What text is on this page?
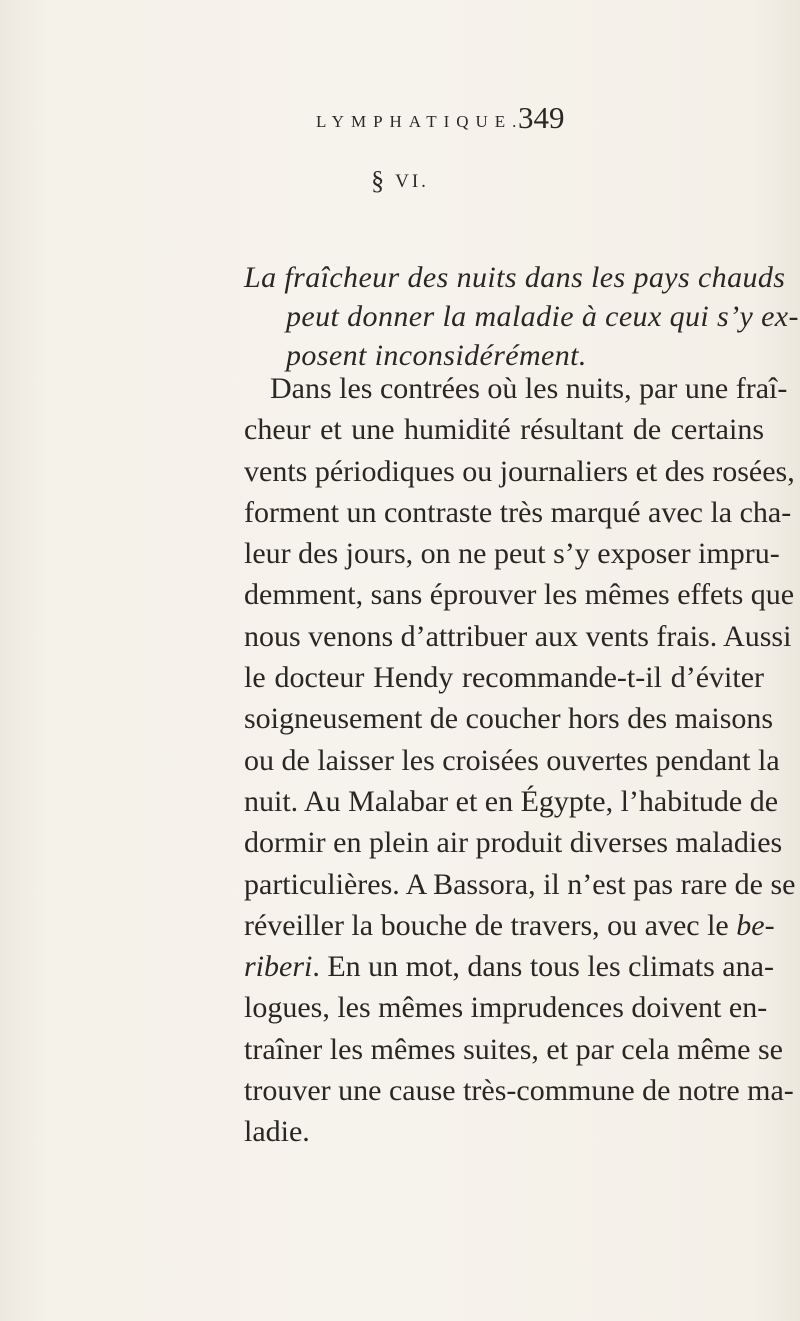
LYMPHATIQUE.
349
§ VI.
La fraîcheur des nuits dans les pays chauds
peut donner la maladie à ceux qui s’y ex-
posent inconsidérément.
Dans les contrées où les nuits, par une fraî-
cheur et une humidité résultant de certains
vents périodiques ou journaliers et des rosées,
forment un contraste très marqué avec la cha-
leur des jours, on ne peut s’y exposer impru-
demment, sans éprouver les mêmes effets que
nous venons d’attribuer aux vents frais. Aussi
le docteur Hendy recommande-t-il d’éviter
soigneusement de coucher hors des maisons
ou de laisser les croisées ouvertes pendant la
nuit. Au Malabar et en Égypte, l’habitude de
dormir en plein air produit diverses maladies
particulières. A Bassora, il n’est pas rare de se
réveiller la bouche de travers, ou avec le be-
riberi. En un mot, dans tous les climats ana-
logues, les mêmes imprudences doivent en-
traîner les mêmes suites, et par cela même se
trouver une cause très-commune de notre ma-
ladie.
